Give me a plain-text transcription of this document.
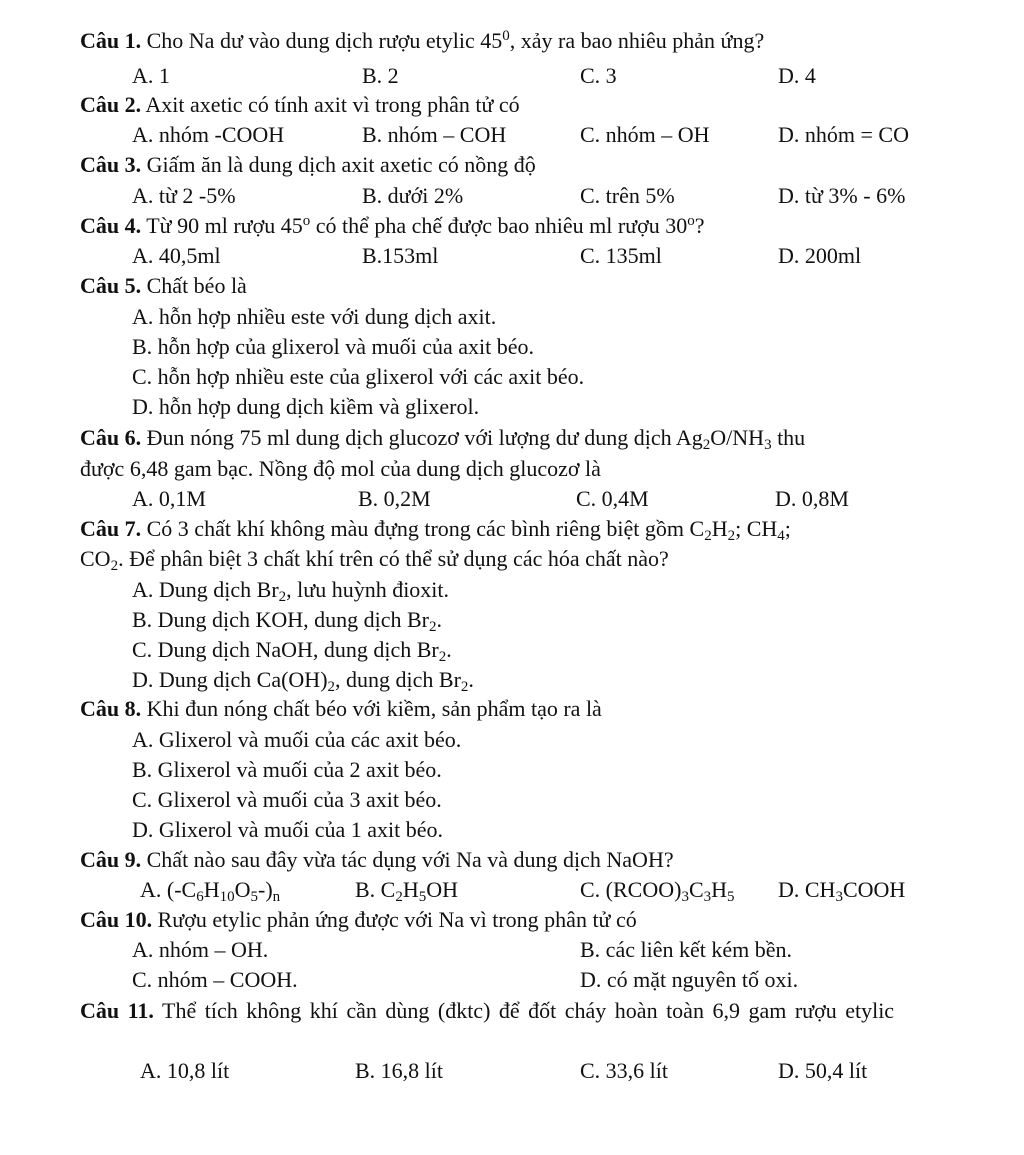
Câu 1. Cho Na dư vào dung dịch rượu etylic $45^0$, xảy ra bao nhiêu phản ứng?
A. 1	B. 2	C. 3	D. 4
Câu 2. Axit axetic có tính axit vì trong phân tử có
A. nhóm -COOH	B. nhóm – COH	C. nhóm – OH	D. nhóm = CO
Câu 3. Giấm ăn là dung dịch axit axetic có nồng độ
A. từ 2 -5%	B. dưới 2%	C. trên 5%	D. từ 3% - 6%
Câu 4. Từ 90 ml rượu 45$^o$ có thể pha chế được bao nhiêu ml rượu 30$^o$?
A. 40,5ml	B.153ml	C. 135ml	D. 200ml
Câu 5. Chất béo là
A. hỗn hợp nhiều este với dung dịch axit.
B. hỗn hợp của glixerol và muối của axit béo.
C. hỗn hợp nhiều este của glixerol với các axit béo.
D. hỗn hợp dung dịch kiềm và glixerol.
Câu 6. Đun nóng 75 ml dung dịch glucozơ với lượng dư dung dịch $Ag_2O/NH_3$ thu
được 6,48 gam bạc. Nồng độ mol của dung dịch glucozơ là
A. 0,1M	B. 0,2M	C. 0,4M	D. 0,8M
Câu 7. Có 3 chất khí không màu đựng trong các bình riêng biệt gồm $C_2H_2$; $CH_4$;
$CO_2$. Để phân biệt 3 chất khí trên có thể sử dụng các hóa chất nào?
A. Dung dịch $Br_2$, lưu huỳnh đioxit.
B. Dung dịch KOH, dung dịch $Br_2$.
C. Dung dịch NaOH, dung dịch $Br_2$.
D. Dung dịch $Ca(OH)_2$, dung dịch $Br_2$.
Câu 8. Khi đun nóng chất béo với kiềm, sản phẩm tạo ra là
A. Glixerol và muối của các axit béo.
B. Glixerol và muối của 2 axit béo.
C. Glixerol và muối của 3 axit béo.
D. Glixerol và muối của 1 axit béo.
Câu 9. Chất nào sau đây vừa tác dụng với Na và dung dịch NaOH?
A. $(-C_6H_{10}O_5-)_n$	B. $C_2H_5OH$	C. $(RCOO)_3C_3H_5$ D. $CH_3COOH$
Câu 10. Rượu etylic phản ứng được với Na vì trong phân tử có
A. nhóm – OH.	B. các liên kết kém bền.
C. nhóm – COOH.	D. có mặt nguyên tố oxi.
Câu 11. Thể tích không khí cần dùng (đktc) để đốt cháy hoàn toàn 6,9 gam rượu etylic
A. 10,8 lít	B. 16,8 lít	C. 33,6 lít	D. 50,4 lít
